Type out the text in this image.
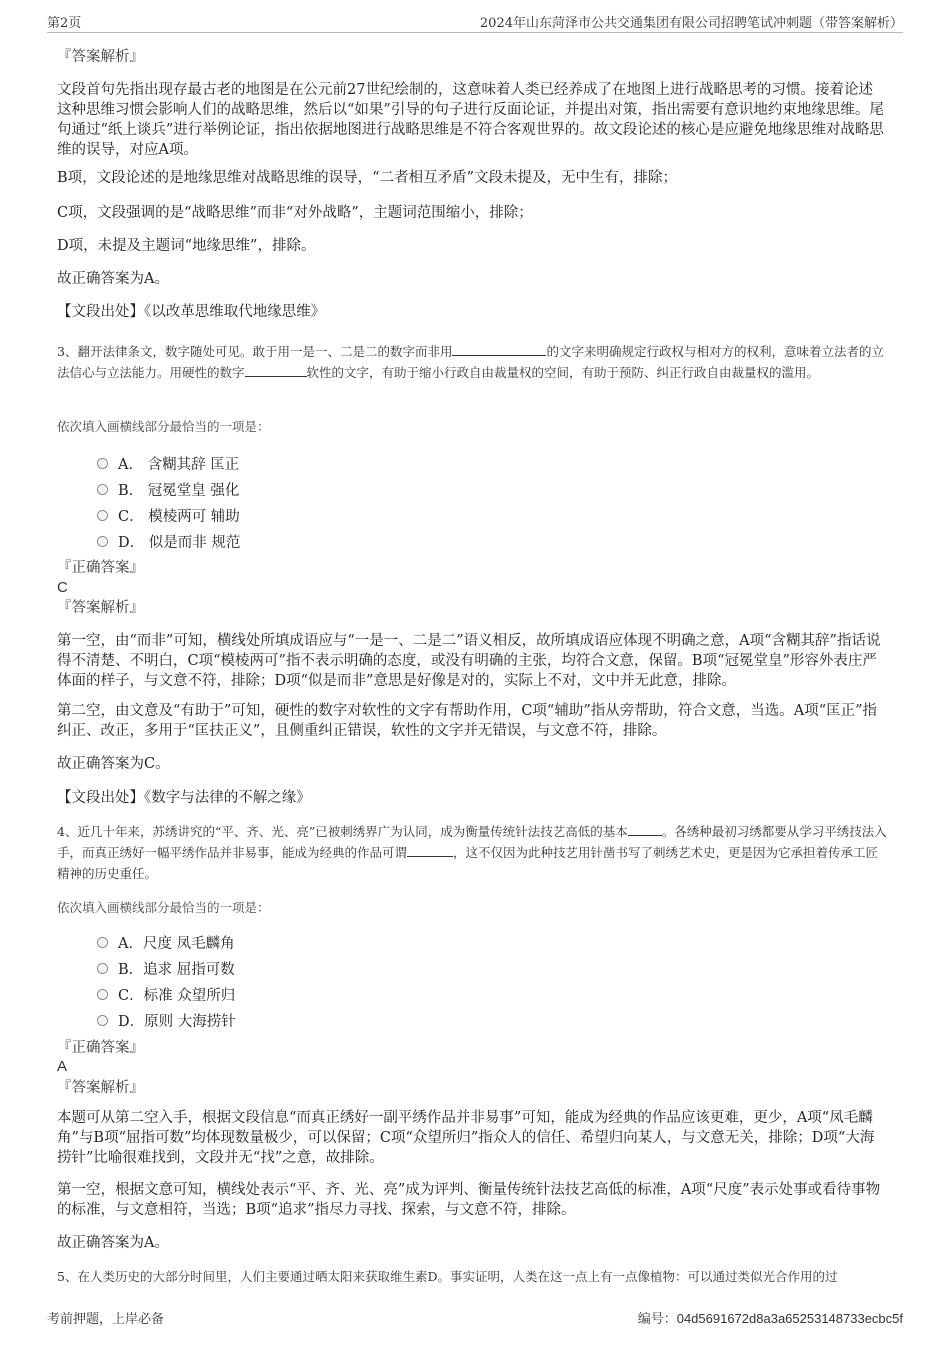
第2页	2024年山东菏泽市公共交通集团有限公司招聘笔试冲刺题（带答案解析）
『答案解析』

文段首句先指出现存最古老的地图是在公元前27世纪绘制的，这意味着人类已经养成了在地图上进行战略思考的习惯。接着论述这种思维习惯会影响人们的战略思维，然后以“如果”引导的句子进行反面论证，并提出对策，指出需要有意识地约束地缘思维。尾句通过“纸上谈兵”进行举例论证，指出依据地图进行战略思维是不符合客观世界的。故文段论述的核心是应避免地缘思维对战略思维的误导，对应A项。

B项，文段论述的是地缘思维对战略思维的误导，“二者相互矛盾”文段未提及，无中生有，排除；

C项，文段强调的是“战略思维”而非“对外战略”，主题词范围缩小，排除；

D项，未提及主题词“地缘思维”，排除。

故正确答案为A。

【文段出处】《以改革思维取代地缘思维》

3、翻开法律条文，数字随处可见。敢于用一是一、二是二的数字而非用	的文字来明确规定行政权与相对方的权利，意味着立法者的立法信心与立法能力。用硬性的数字	软性的文字，有助于缩小行政自由裁量权的空间，有助于预防、纠正行政自由裁量权的滥用。

依次填入画横线部分最恰当的一项是：
A． 含糊其辞 匡正
B． 冠冕堂皇 强化
C． 模棱两可 辅助
D． 似是而非 规范
『正确答案』
C
『答案解析』

第一空，由“而非”可知，横线处所填成语应与“一是一、二是二”语义相反，故所填成语应体现不明确之意，A项“含糊其辞”指话说得不清楚、不明白，C项“模棱两可”指不表示明确的态度，或没有明确的主张，均符合文意，保留。B项“冠冕堂皇”形容外表庄严体面的样子，与文意不符，排除；D项“似是而非”意思是好像是对的，实际上不对，文中并无此意，排除。

第二空，由文意及“有助于”可知，硬性的数字对软性的文字有帮助作用，C项“辅助”指从旁帮助，符合文意，当选。A项“匡正”指纠正、改正，多用于“匡扶正义”，且侧重纠正错误，软性的文字并无错误，与文意不符，排除。

故正确答案为C。

【文段出处】《数字与法律的不解之缘》

4、近几十年来，苏绣讲究的“平、齐、光、亮”已被刺绣界广为认同，成为衡量传统针法技艺高低的基本	。各绣种最初习绣都要从学习平绣技法入手，而真正绣好一幅平绣作品并非易事，能成为经典的作品可谓	，这不仅因为此种技艺用针凿书写了刺绣艺术史，更是因为它承担着传承工匠精神的历史重任。

依次填入画横线部分最恰当的一项是：
A．尺度 凤毛麟角
B．追求 屈指可数
C．标准 众望所归
D．原则 大海捞针
『正确答案』
A
『答案解析』

本题可从第二空入手，根据文段信息“而真正绣好一副平绣作品并非易事”可知，能成为经典的作品应该更难，更少，A项“凤毛麟角”与B项“屈指可数”均体现数量极少，可以保留；C项“众望所归”指众人的信任、希望归向某人，与文意无关，排除；D项“大海捞针”比喻很难找到，文段并无“找”之意，故排除。

第一空，根据文意可知，横线处表示“平、齐、光、亮”成为评判、衡量传统针法技艺高低的标准，A项“尺度”表示处事或看待事物的标准，与文意相符，当选；B项“追求”指尽力寻找、探索，与文意不符，排除。

故正确答案为A。

5、在人类历史的大部分时间里，人们主要通过晒太阳来获取维生素D。事实证明，人类在这一点上有一点像植物：可以通过类似光合作用的过

考前押题，上岸必备	编号：04d5691672d8a3a65253148733ecbc5f
